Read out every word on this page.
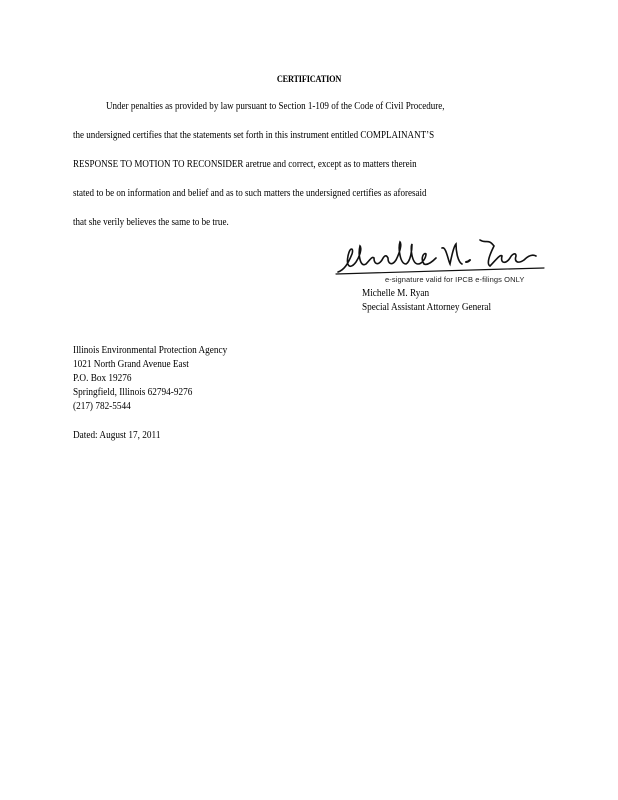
CERTIFICATION
Under penalties as provided by law pursuant to Section 1-109 of the Code of Civil Procedure,
the undersigned certifies that the statements set forth in this instrument entitled COMPLAINANT’S
RESPONSE TO MOTION TO RECONSIDER aretrue and correct, except as to matters therein
stated to be on information and belief and as to such matters the undersigned certifies as aforesaid
that she verily believes the same to be true.
e-signature valid for IPCB e-filings ONLY
Michelle M. Ryan
Special Assistant Attorney General
Illinois Environmental Protection Agency
1021 North Grand Avenue East
P.O. Box 19276
Springfield, Illinois 62794-9276
(217) 782-5544
Dated: August 17, 2011
